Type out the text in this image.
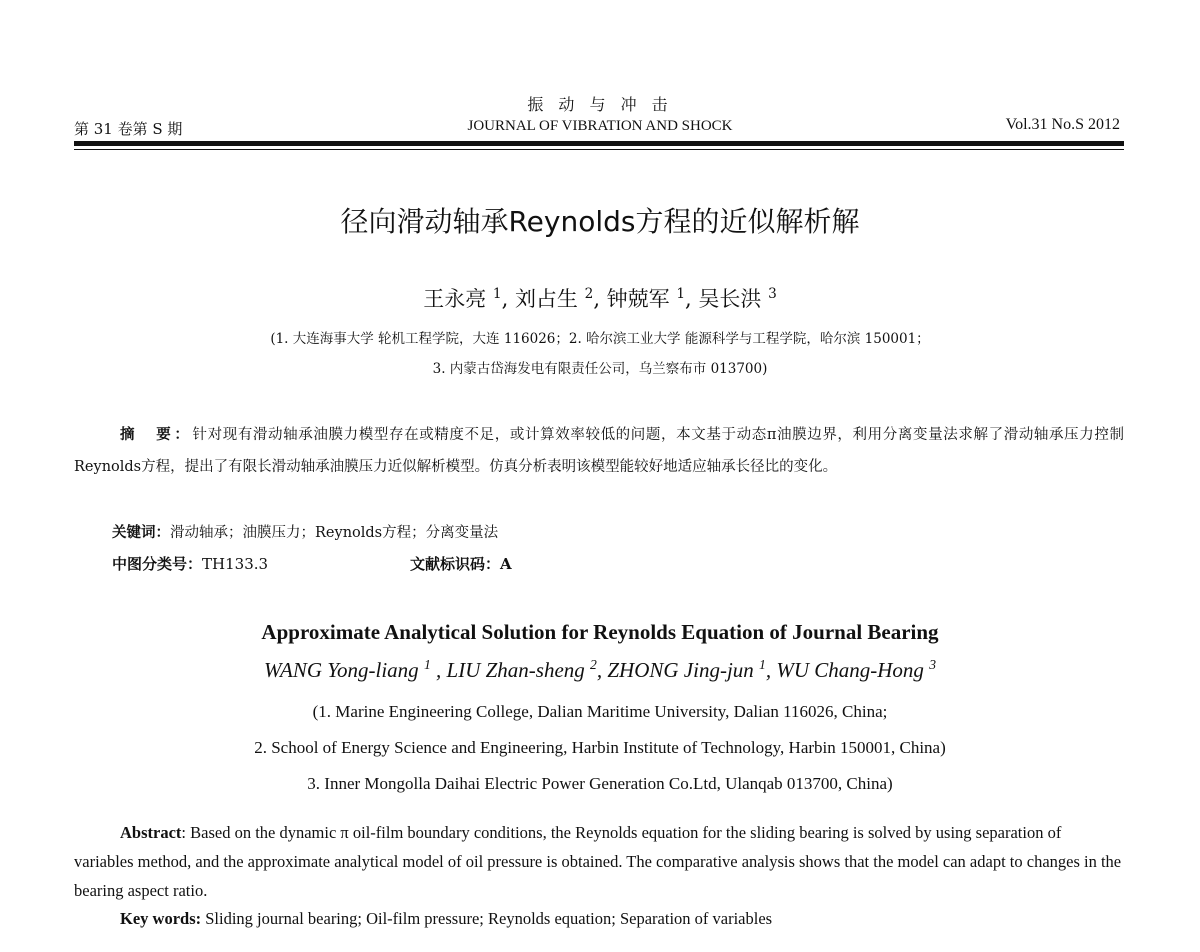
振 动 与 冲 击
第 31 卷第 S 期	JOURNAL OF VIBRATION AND SHOCK	Vol.31 No.S 2012
径向滑动轴承Reynolds方程的近似解析解
王永亮 $^1$, 刘占生 $^2$, 钟兢军 $^1$, 吴长洪 $^3$
(1. 大连海事大学 轮机工程学院，大连 116026；2. 哈尔滨工业大学 能源科学与工程学院，哈尔滨 150001；
3. 内蒙古岱海发电有限责任公司，乌兰察布市 013700)
摘　要：针对现有滑动轴承油膜力模型存在或精度不足，或计算效率较低的问题，本文基于动态π油膜边界，利用分离变量法求解了滑动轴承压力控制Reynolds方程，提出了有限长滑动轴承油膜压力近似解析模型。仿真分析表明该模型能较好地适应轴承长径比的变化。
关键词：滑动轴承；油膜压力；Reynolds方程；分离变量法
中图分类号：TH133.3	文献标识码：A
Approximate Analytical Solution for Reynolds Equation of Journal Bearing
WANG Yong-liang $^1$ , LIU Zhan-sheng $^2$, ZHONG Jing-jun $^1$, WU Chang-Hong $^3$
(1. Marine Engineering College, Dalian Maritime University, Dalian 116026, China;
2. School of Energy Science and Engineering, Harbin Institute of Technology, Harbin 150001, China)
3. Inner Mongolla Daihai Electric Power Generation Co.Ltd, Ulanqab 013700, China)
Abstract: Based on the dynamic π oil-film boundary conditions, the Reynolds equation for the sliding bearing is solved by using separation of variables method, and the approximate analytical model of oil pressure is obtained. The comparative analysis shows that the model can adapt to changes in the bearing aspect ratio.
Key words: Sliding journal bearing; Oil-film pressure; Reynolds equation; Separation of variables
